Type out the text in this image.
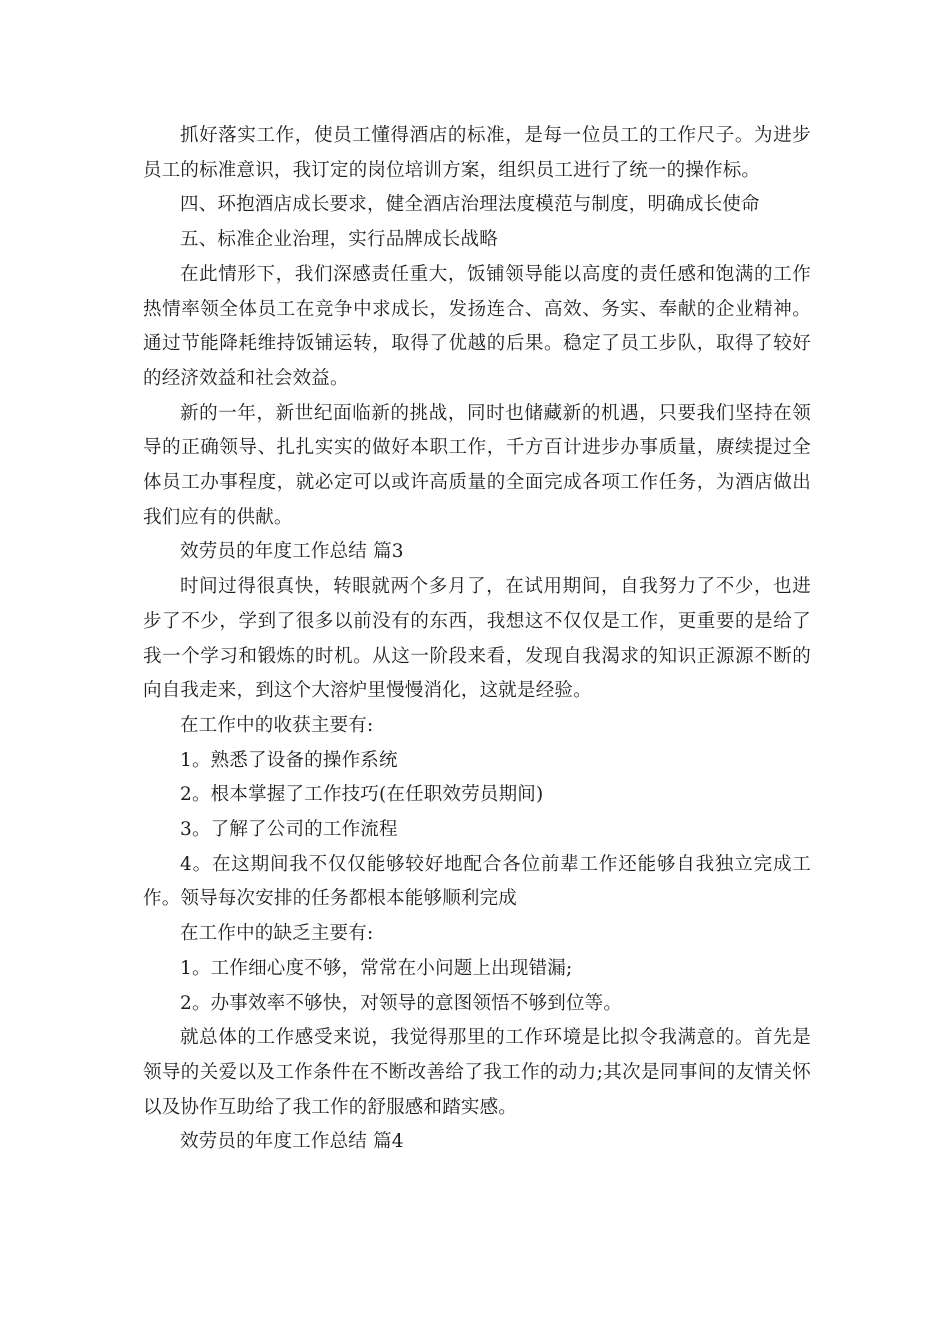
抓好落实工作，使员工懂得酒店的标准，是每一位员工的工作尺子。为进步员工的标准意识，我订定的岗位培训方案，组织员工进行了统一的操作标。

四、环抱酒店成长要求，健全酒店治理法度模范与制度，明确成长使命

五、标准企业治理，实行品牌成长战略

在此情形下，我们深感责任重大，饭铺领导能以高度的责任感和饱满的工作热情率领全体员工在竞争中求成长，发扬连合、高效、务实、奉献的企业精神。通过节能降耗维持饭铺运转，取得了优越的后果。稳定了员工步队，取得了较好的经济效益和社会效益。

新的一年，新世纪面临新的挑战，同时也储藏新的机遇，只要我们坚持在领导的正确领导、扎扎实实的做好本职工作，千方百计进步办事质量，赓续提过全体员工办事程度，就必定可以或许高质量的全面完成各项工作任务，为酒店做出我们应有的供献。

效劳员的年度工作总结 篇3

时间过得很真快，转眼就两个多月了，在试用期间，自我努力了不少，也进步了不少，学到了很多以前没有的东西，我想这不仅仅是工作，更重要的是给了我一个学习和锻炼的时机。从这一阶段来看，发现自我渴求的知识正源源不断的向自我走来，到这个大溶炉里慢慢消化，这就是经验。

在工作中的收获主要有:

1。熟悉了设备的操作系统

2。根本掌握了工作技巧(在任职效劳员期间)

3。了解了公司的工作流程

4。在这期间我不仅仅能够较好地配合各位前辈工作还能够自我独立完成工作。领导每次安排的任务都根本能够顺利完成

在工作中的缺乏主要有:

1。工作细心度不够，常常在小问题上出现错漏;

2。办事效率不够快，对领导的意图领悟不够到位等。

就总体的工作感受来说，我觉得那里的工作环境是比拟令我满意的。首先是领导的关爱以及工作条件在不断改善给了我工作的动力;其次是同事间的友情关怀以及协作互助给了我工作的舒服感和踏实感。

效劳员的年度工作总结 篇4
